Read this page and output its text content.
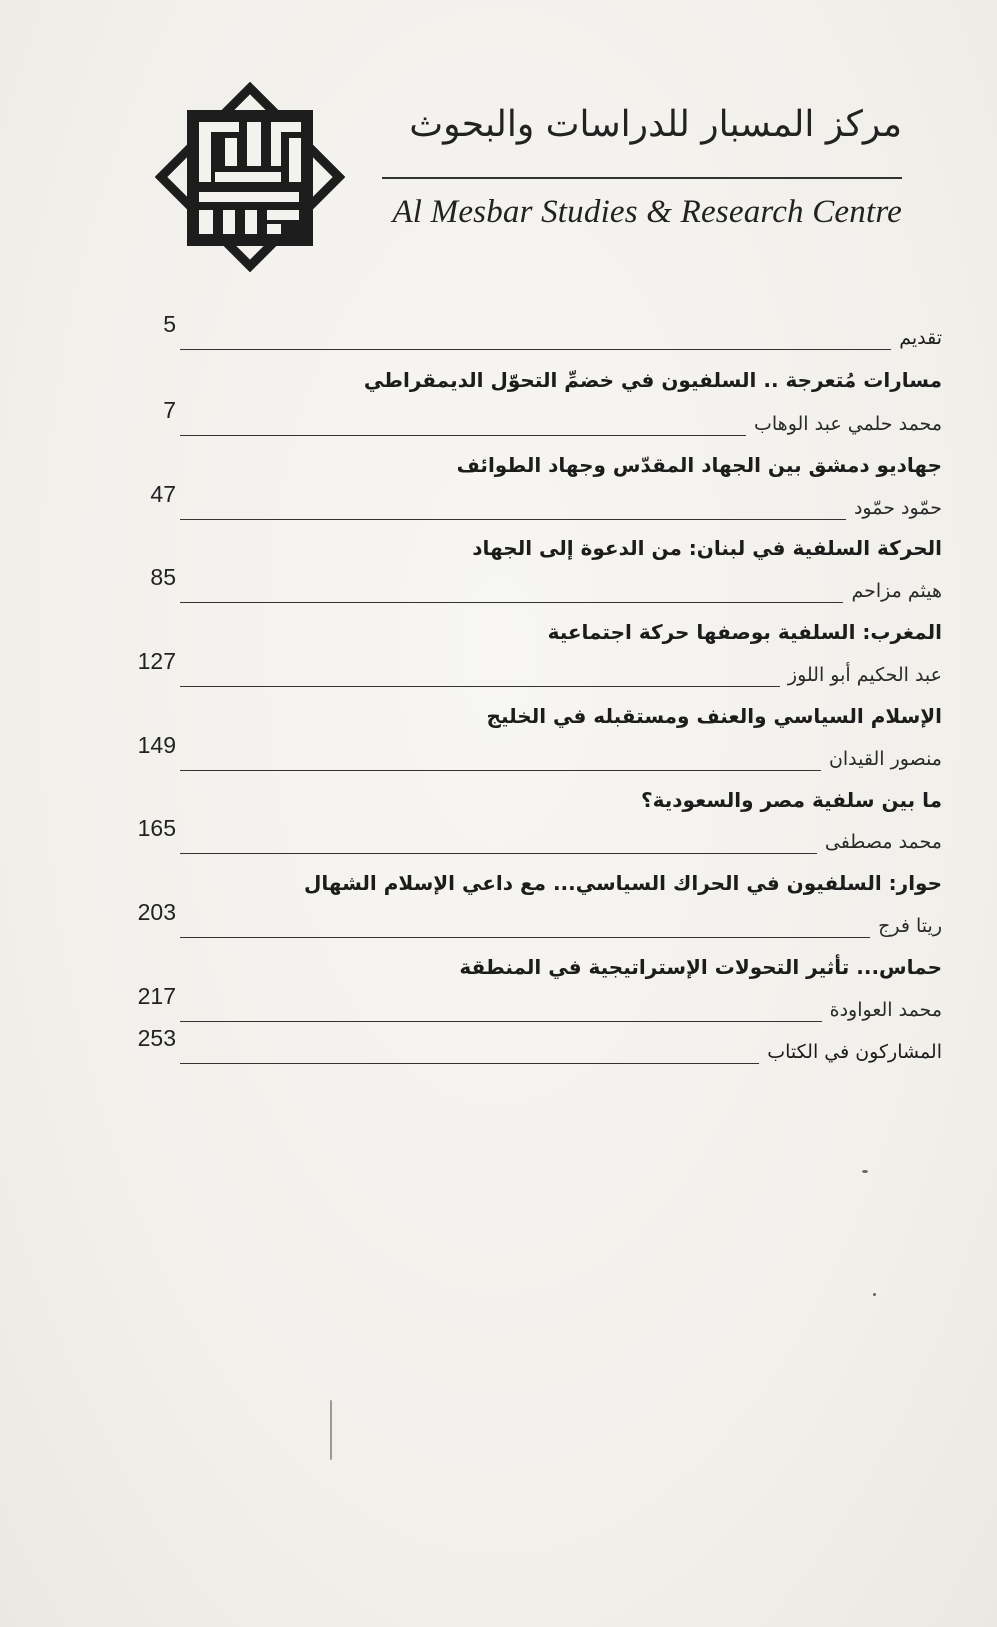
مركز المسبار للدراسات والبحوث
Al Mesbar Studies & Research Centre
تقديم
5
مسارات مُتعرجة .. السلفيون في خضمِّ التحوّل الديمقراطي
محمد حلمي عبد الوهاب
7
جهاديو دمشق بين الجهاد المقدّس وجهاد الطوائف
حمّود حمّود
47
الحركة السلفية في لبنان: من الدعوة إلى الجهاد
هيثم مزاحم
85
المغرب: السلفية بوصفها حركة اجتماعية
عبد الحكيم أبو اللوز
127
الإسلام السياسي والعنف ومستقبله في الخليج
منصور القيدان
149
ما بين سلفية مصر والسعودية؟
محمد مصطفى
165
حوار: السلفيون في الحراك السياسي... مع داعي الإسلام الشهال
ريتا فرج
203
حماس... تأثير التحولات الإستراتيجية في المنطقة
محمد العواودة
217
المشاركون في الكتاب
253
